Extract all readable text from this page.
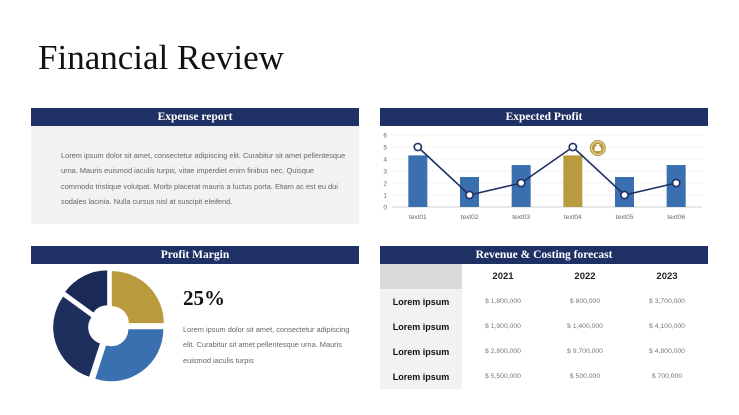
Financial Review
Expense report
Lorem ipsum dolor sit amet, consectetur adipiscing elit. Curabitur sit amet pellentesque urna. Mauris euismod iaculis turpis, vitae imperdiet enim finibus nec. Quisque commodo tristique volutpat. Morbi placerat mauris a luctus porta. Etiam ac est eu dui sodales lacinia. Nulla cursus nisl at suscipit eleifend.
Expected Profit
0
1
2
3
4
5
6
text01	text02	text03	text04	text05	text06
Profit Margin
25%
Lorem ipsum dolor sit amet, consectetur adipiscing elit. Curabitur sit amet pellentesque urna. Mauris euismod iaculis turpis
Revenue & Costing forecast
	2021	2022	2023
Lorem ipsum	$ 1,800,000	$ 800,000	$ 3,700,000
Lorem ipsum	$ 1,900,000	$ 1,400,000	$ 4,100,000
Lorem ipsum	$ 2,800,000	$ 9,700,000	$ 4,800,000
Lorem ipsum	$ 5,500,000	$ 500,000	$ 700,000
